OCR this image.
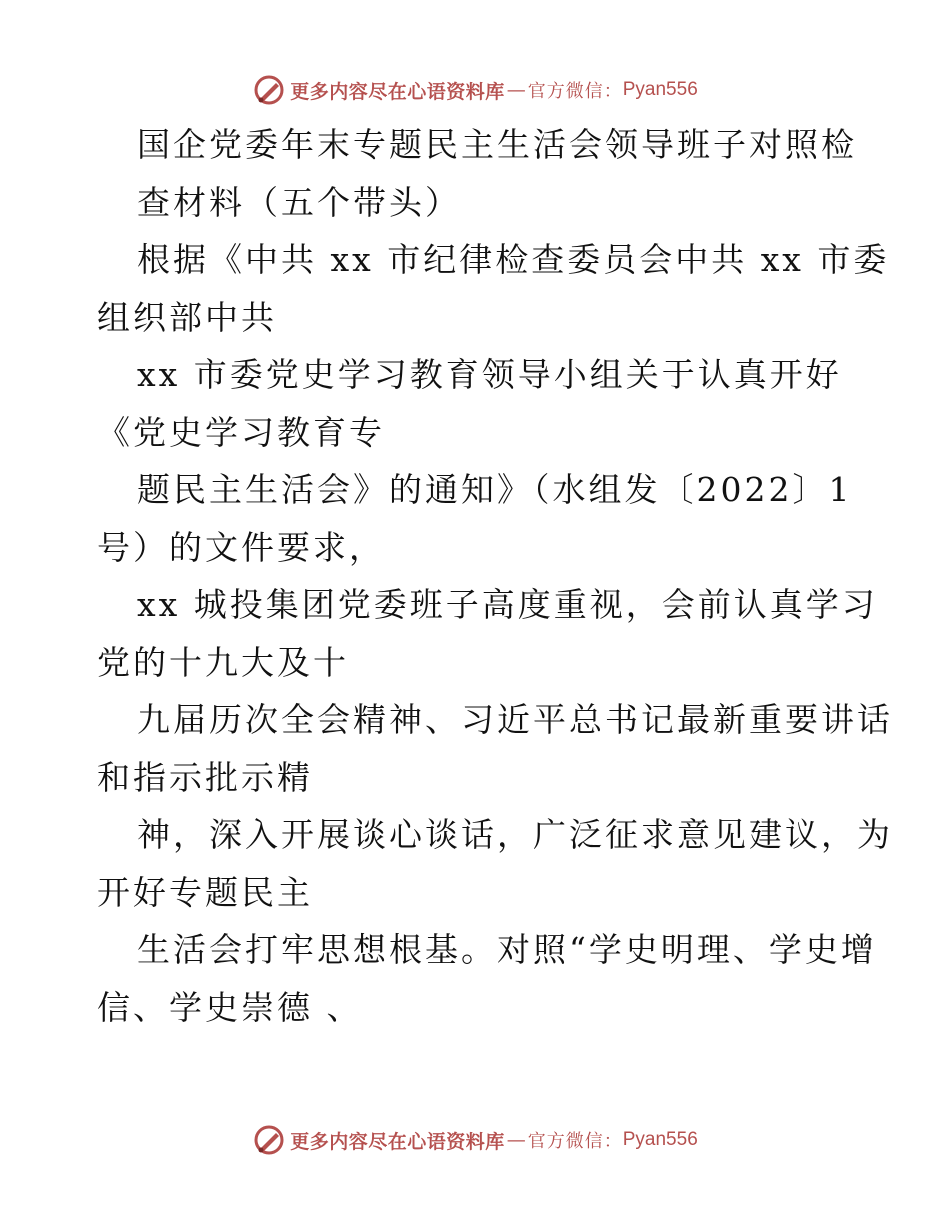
更多内容尽在心语资料库 — 官方微信： Pyan556
国企党委年末专题民主生活会领导班子对照检
查材料（五个带头）
根据《中共 xx 市纪律检查委员会中共 xx 市委
组织部中共
xx 市委党史学习教育领导小组关于认真开好
《党史学习教育专
题民主生活会》的通知》（水组发〔2022〕1
号）的文件要求，
xx 城投集团党委班子高度重视，会前认真学习
党的十九大及十
九届历次全会精神、习近平总书记最新重要讲话
和指示批示精
神，深入开展谈心谈话，广泛征求意见建议，为
开好专题民主
生活会打牢思想根基。对照“学史明理、学史增
信、学史崇德 、
更多内容尽在心语资料库 — 官方微信： Pyan556
